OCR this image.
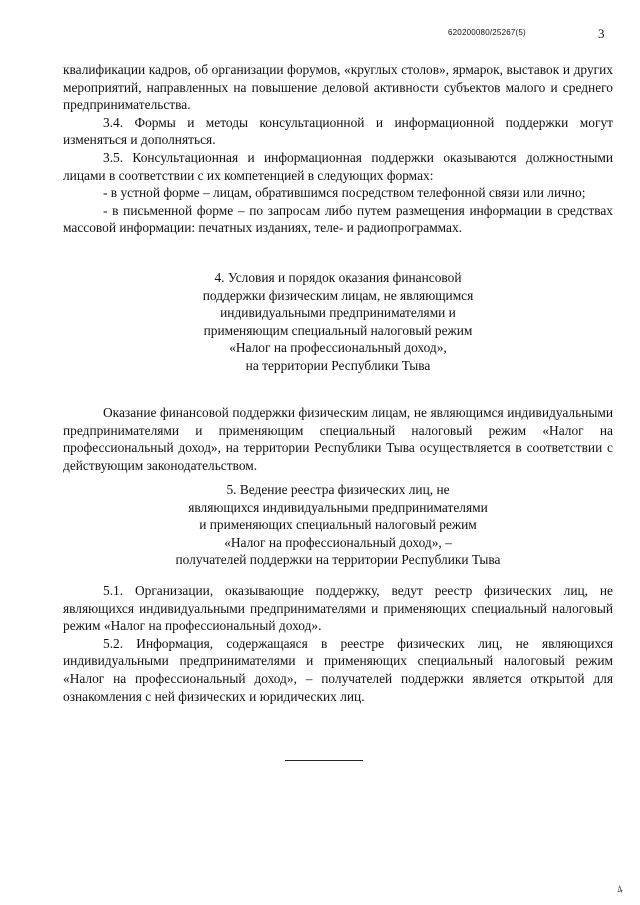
620200080/25267(5)	3

квалификации кадров, об организации форумов, «круглых столов», ярмарок, выставок и других мероприятий, направленных на повышение деловой активности субъектов малого и среднего предпринимательства.

3.4. Формы и методы консультационной и информационной поддержки могут изменяться и дополняться.

3.5. Консультационная и информационная поддержки оказываются должностными лицами в соответствии с их компетенцией в следующих формах:

- в устной форме – лицам, обратившимся посредством телефонной связи или лично;

- в письменной форме – по запросам либо путем размещения информации в средствах массовой информации: печатных изданиях, теле- и радиопрограммах.

4. Условия и порядок оказания финансовой
поддержки физическим лицам, не являющимся
индивидуальными предпринимателями и
применяющим специальный налоговый режим
«Налог на профессиональный доход»,
на территории Республики Тыва

Оказание финансовой поддержки физическим лицам, не являющимся индивидуальными предпринимателями и применяющим специальный налоговый режим «Налог на профессиональный доход», на территории Республики Тыва осуществляется в соответствии с действующим законодательством.

5. Ведение реестра физических лиц, не
являющихся индивидуальными предпринимателями
и применяющих специальный налоговый режим
«Налог на профессиональный доход», –
получателей поддержки на территории Республики Тыва

5.1. Организации, оказывающие поддержку, ведут реестр физических лиц, не являющихся индивидуальными предпринимателями и применяющих специальный налоговый режим «Налог на профессиональный доход».

5.2. Информация, содержащаяся в реестре физических лиц, не являющихся индивидуальными предпринимателями и применяющих специальный налоговый режим «Налог на профессиональный доход», – получателей поддержки является открытой для ознакомления с ней физических и юридических лиц.

4
